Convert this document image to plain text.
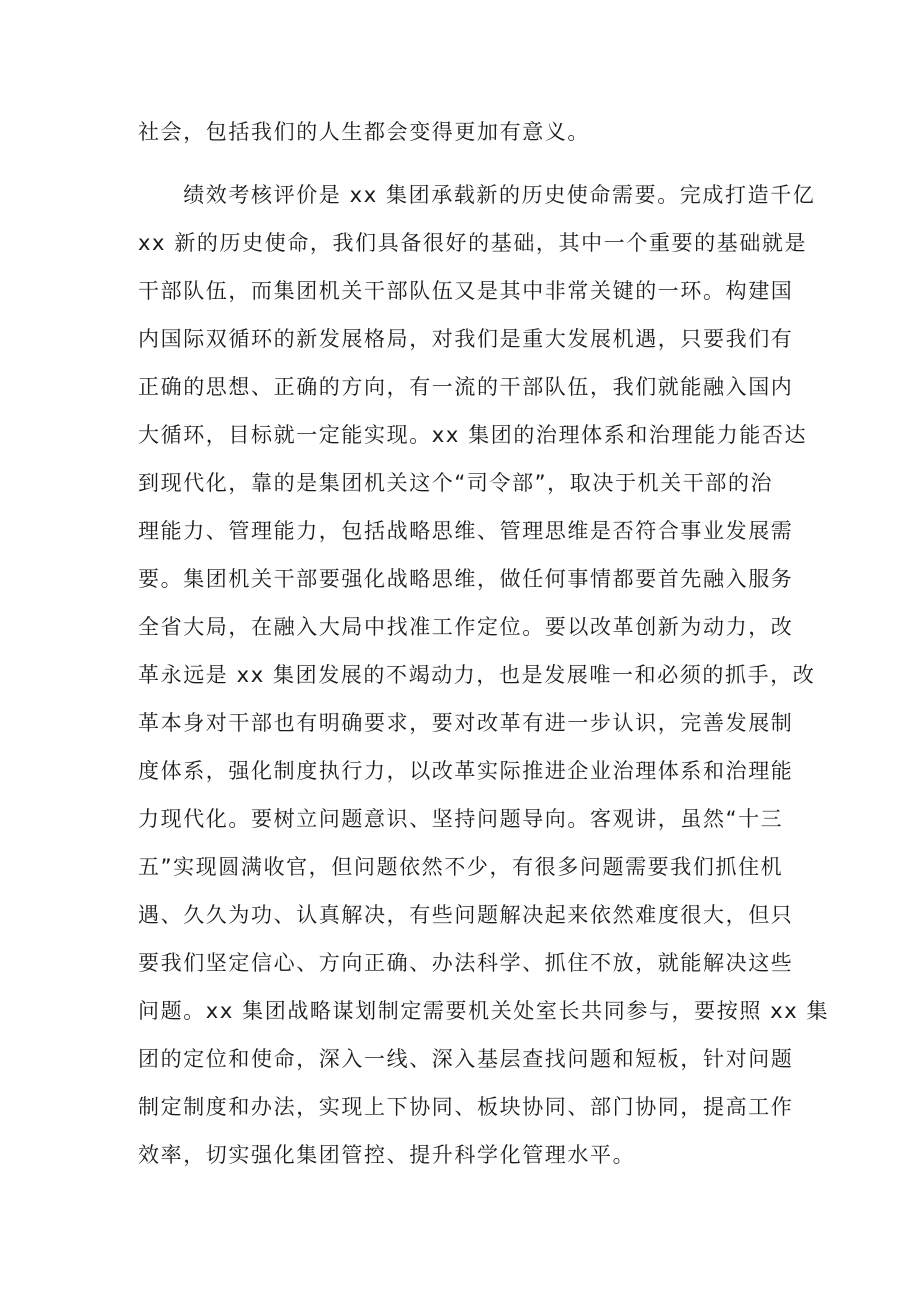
社会，包括我们的人生都会变得更加有意义。
　　绩效考核评价是 xx 集团承载新的历史使命需要。完成打造千亿
xx 新的历史使命，我们具备很好的基础，其中一个重要的基础就是
干部队伍，而集团机关干部队伍又是其中非常关键的一环。构建国
内国际双循环的新发展格局，对我们是重大发展机遇，只要我们有
正确的思想、正确的方向，有一流的干部队伍，我们就能融入国内
大循环，目标就一定能实现。xx 集团的治理体系和治理能力能否达
到现代化，靠的是集团机关这个“司令部”，取决于机关干部的治
理能力、管理能力，包括战略思维、管理思维是否符合事业发展需
要。集团机关干部要强化战略思维，做任何事情都要首先融入服务
全省大局，在融入大局中找准工作定位。要以改革创新为动力，改
革永远是 xx 集团发展的不竭动力，也是发展唯一和必须的抓手，改
革本身对干部也有明确要求，要对改革有进一步认识，完善发展制
度体系，强化制度执行力，以改革实际推进企业治理体系和治理能
力现代化。要树立问题意识、坚持问题导向。客观讲，虽然“十三
五”实现圆满收官，但问题依然不少，有很多问题需要我们抓住机
遇、久久为功、认真解决，有些问题解决起来依然难度很大，但只
要我们坚定信心、方向正确、办法科学、抓住不放，就能解决这些
问题。xx 集团战略谋划制定需要机关处室长共同参与，要按照 xx 集
团的定位和使命，深入一线、深入基层查找问题和短板，针对问题
制定制度和办法，实现上下协同、板块协同、部门协同，提高工作
效率，切实强化集团管控、提升科学化管理水平。
